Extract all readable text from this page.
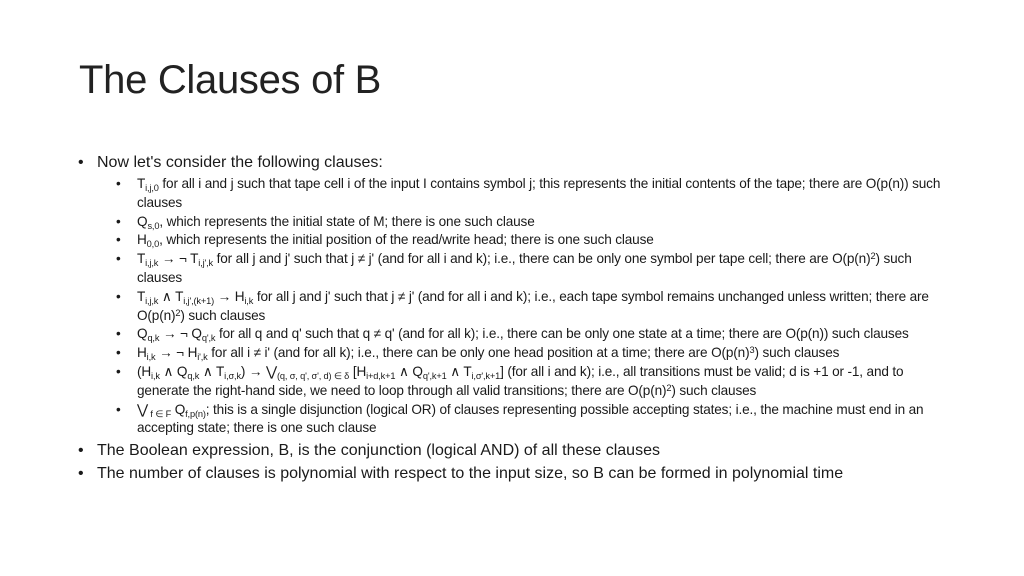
The Clauses of B
• Now let's consider the following clauses:
•	$T_{i,j,0}$ for all i and j such that tape cell i of the input I contains symbol j; this represents the initial contents of the tape; there are O(p(n)) such clauses
•	$Q_{s,0}$, which represents the initial state of M; there is one such clause
•	$H_{0,0}$, which represents the initial position of the read/write head; there is one such clause
•	$T_{i,j,k}$ → ¬ $T_{i,j',k}$ for all j and j' such that j ≠ j' (and for all i and k); i.e., there can be only one symbol per tape cell; there are $O(p(n)^2)$ such clauses
•	$T_{i,j,k}$ ∧ $T_{i,j',(k+1)} \to H_{i,k}$ for all j and j' such that j ≠ j' (and for all i and k); i.e., each tape symbol remains unchanged unless written; there are $O(p(n)^2)$ such clauses
•	$Q_{q,k}$ → ¬ $Q_{q',k}$ for all q and q' such that q ≠ q' (and for all k); i.e., there can be only one state at a time; there are O(p(n)) such clauses
•	$H_{i,k}$ → ¬ $H_{i',k}$ for all i ≠ i' (and for all k); i.e., there can be only one head position at a time; there are $O(p(n)^3)$ such clauses
•	($H_{i,k}$ ∧ $Q_{q,k}$ ∧ $T_{i,\sigma,k}$) → $⋁_{(q, \sigma, q', \sigma', d) \in \delta}$ [$H_{i+d,k+1}$ ∧ $Q_{q',k+1}$ ∧ $T_{i,\sigma',k+1}$] (for all i and k); i.e., all transitions must be valid; d is +1 or -1, and to generate the right-hand side, we need to loop through all valid transitions; there are $O(p(n)^2)$ such clauses
•	⋁ $_{f \in F}$ $Q_{f,p(n)}$; this is a single disjunction (logical OR) of clauses representing possible accepting states; i.e., the machine must end in an accepting state; there is one such clause
• The Boolean expression, B, is the conjunction (logical AND) of all these clauses
• The number of clauses is polynomial with respect to the input size, so B can be formed in polynomial time
